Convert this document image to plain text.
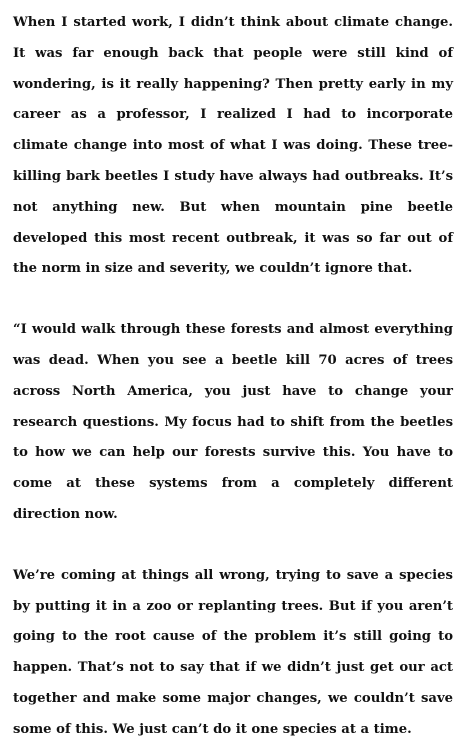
When I started work, I didn’t think about climate change. It was far enough back that people were still kind of wondering, is it really happening? Then pretty early in my career as a professor, I realized I had to incorporate climate change into most of what I was doing. These tree-killing bark beetles I study have always had outbreaks. It’s not anything new. But when mountain pine beetle developed this most recent outbreak, it was so far out of the norm in size and severity, we couldn’t ignore that.

“I would walk through these forests and almost everything was dead. When you see a beetle kill 70 acres of trees across North America, you just have to change your research questions. My focus had to shift from the beetles to how we can help our forests survive this. You have to come at these systems from a completely different direction now.

We’re coming at things all wrong, trying to save a species by putting it in a zoo or replanting trees. But if you aren’t going to the root cause of the problem it’s still going to happen. That’s not to say that if we didn’t just get our act together and make some major changes, we couldn’t save some of this. We just can’t do it one species at a time.
